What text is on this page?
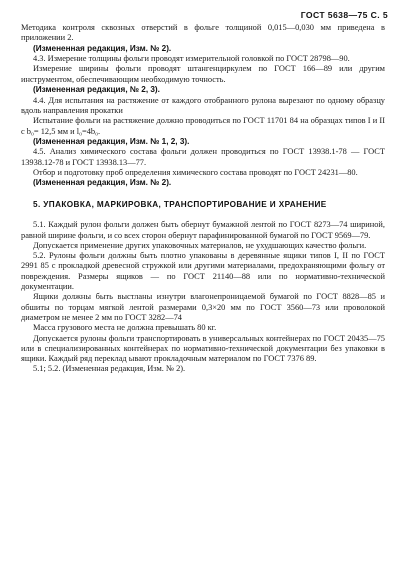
ГОСТ 5638—75 С. 5
Методика контроля сквозных отверстий в фольге толщиной 0,015—0,030 мм приведена в приложении 2.
(Измененная редакция, Изм. № 2).
4.3. Измерение толщины фольги проводят измерительной головкой по ГОСТ 28798—90.
Измерение ширины фольги проводят штангенциркулем по ГОСТ 166—89 или другим инструментом, обеспечивающим необходимую точность.
(Измененная редакция, № 2, 3).
4.4. Для испытания на растяжение от каждого отобранного рулона вырезают по одному образцу вдоль направления прокатки
Испытание фольги на растяжение должно проводиться по ГОСТ 11701 84 на образцах типов I и II с b₀= 12,5 мм и l₀=4b₀.
(Измененная редакция, Изм. № 1, 2, 3).
4.5. Анализ химического состава фольги должен проводиться по ГОСТ 13938.1-78 — ГОСТ 13938.12-78 и ГОСТ 13938.13—77.
Отбор и подготовку проб определения химического состава проводят по ГОСТ 24231—80.
(Измененная редакция, Изм. № 2).
5. УПАКОВКА, МАРКИРОВКА, ТРАНСПОРТИРОВАНИЕ И ХРАНЕНИЕ
5.1. Каждый рулон фольги должен быть обернут бумажной лентой по ГОСТ 8273—74 шириной, равной ширине фольги, и со всех сторон обернут парафинированной бумагой по ГОСТ 9569—79.
Допускается применение других упаковочных материалов, не ухудшающих качество фольги.
5.2. Рулоны фольги должны быть плотно упакованы в деревянные ящики типов I, II по ГОСТ 2991 85 с прокладкой древесной стружкой или другими материалами, предохраняющими фольгу от повреждения. Размеры ящиков — по ГОСТ 21140—88 или по нормативно-технической документации.
Ящики должны быть выстланы изнутри влагонепроницаемой бумагой по ГОСТ 8828—85 и обшиты по торцам мягкой лентой размерами 0,3×20 мм по ГОСТ 3560—73 или проволокой диаметром не менее 2 мм по ГОСТ 3282—74
Масса грузового места не должна превышать 80 кг.
Допускается рулоны фольги транспортировать в универсальных контейнерах по ГОСТ 20435—75 или в специализированных контейнерах по нормативно-технической документации без упаковки в ящики. Каждый ряд переклад ывают прокладочным материалом по ГОСТ 7376 89.
5.1; 5.2. (Измененная редакция, Изм. № 2).
